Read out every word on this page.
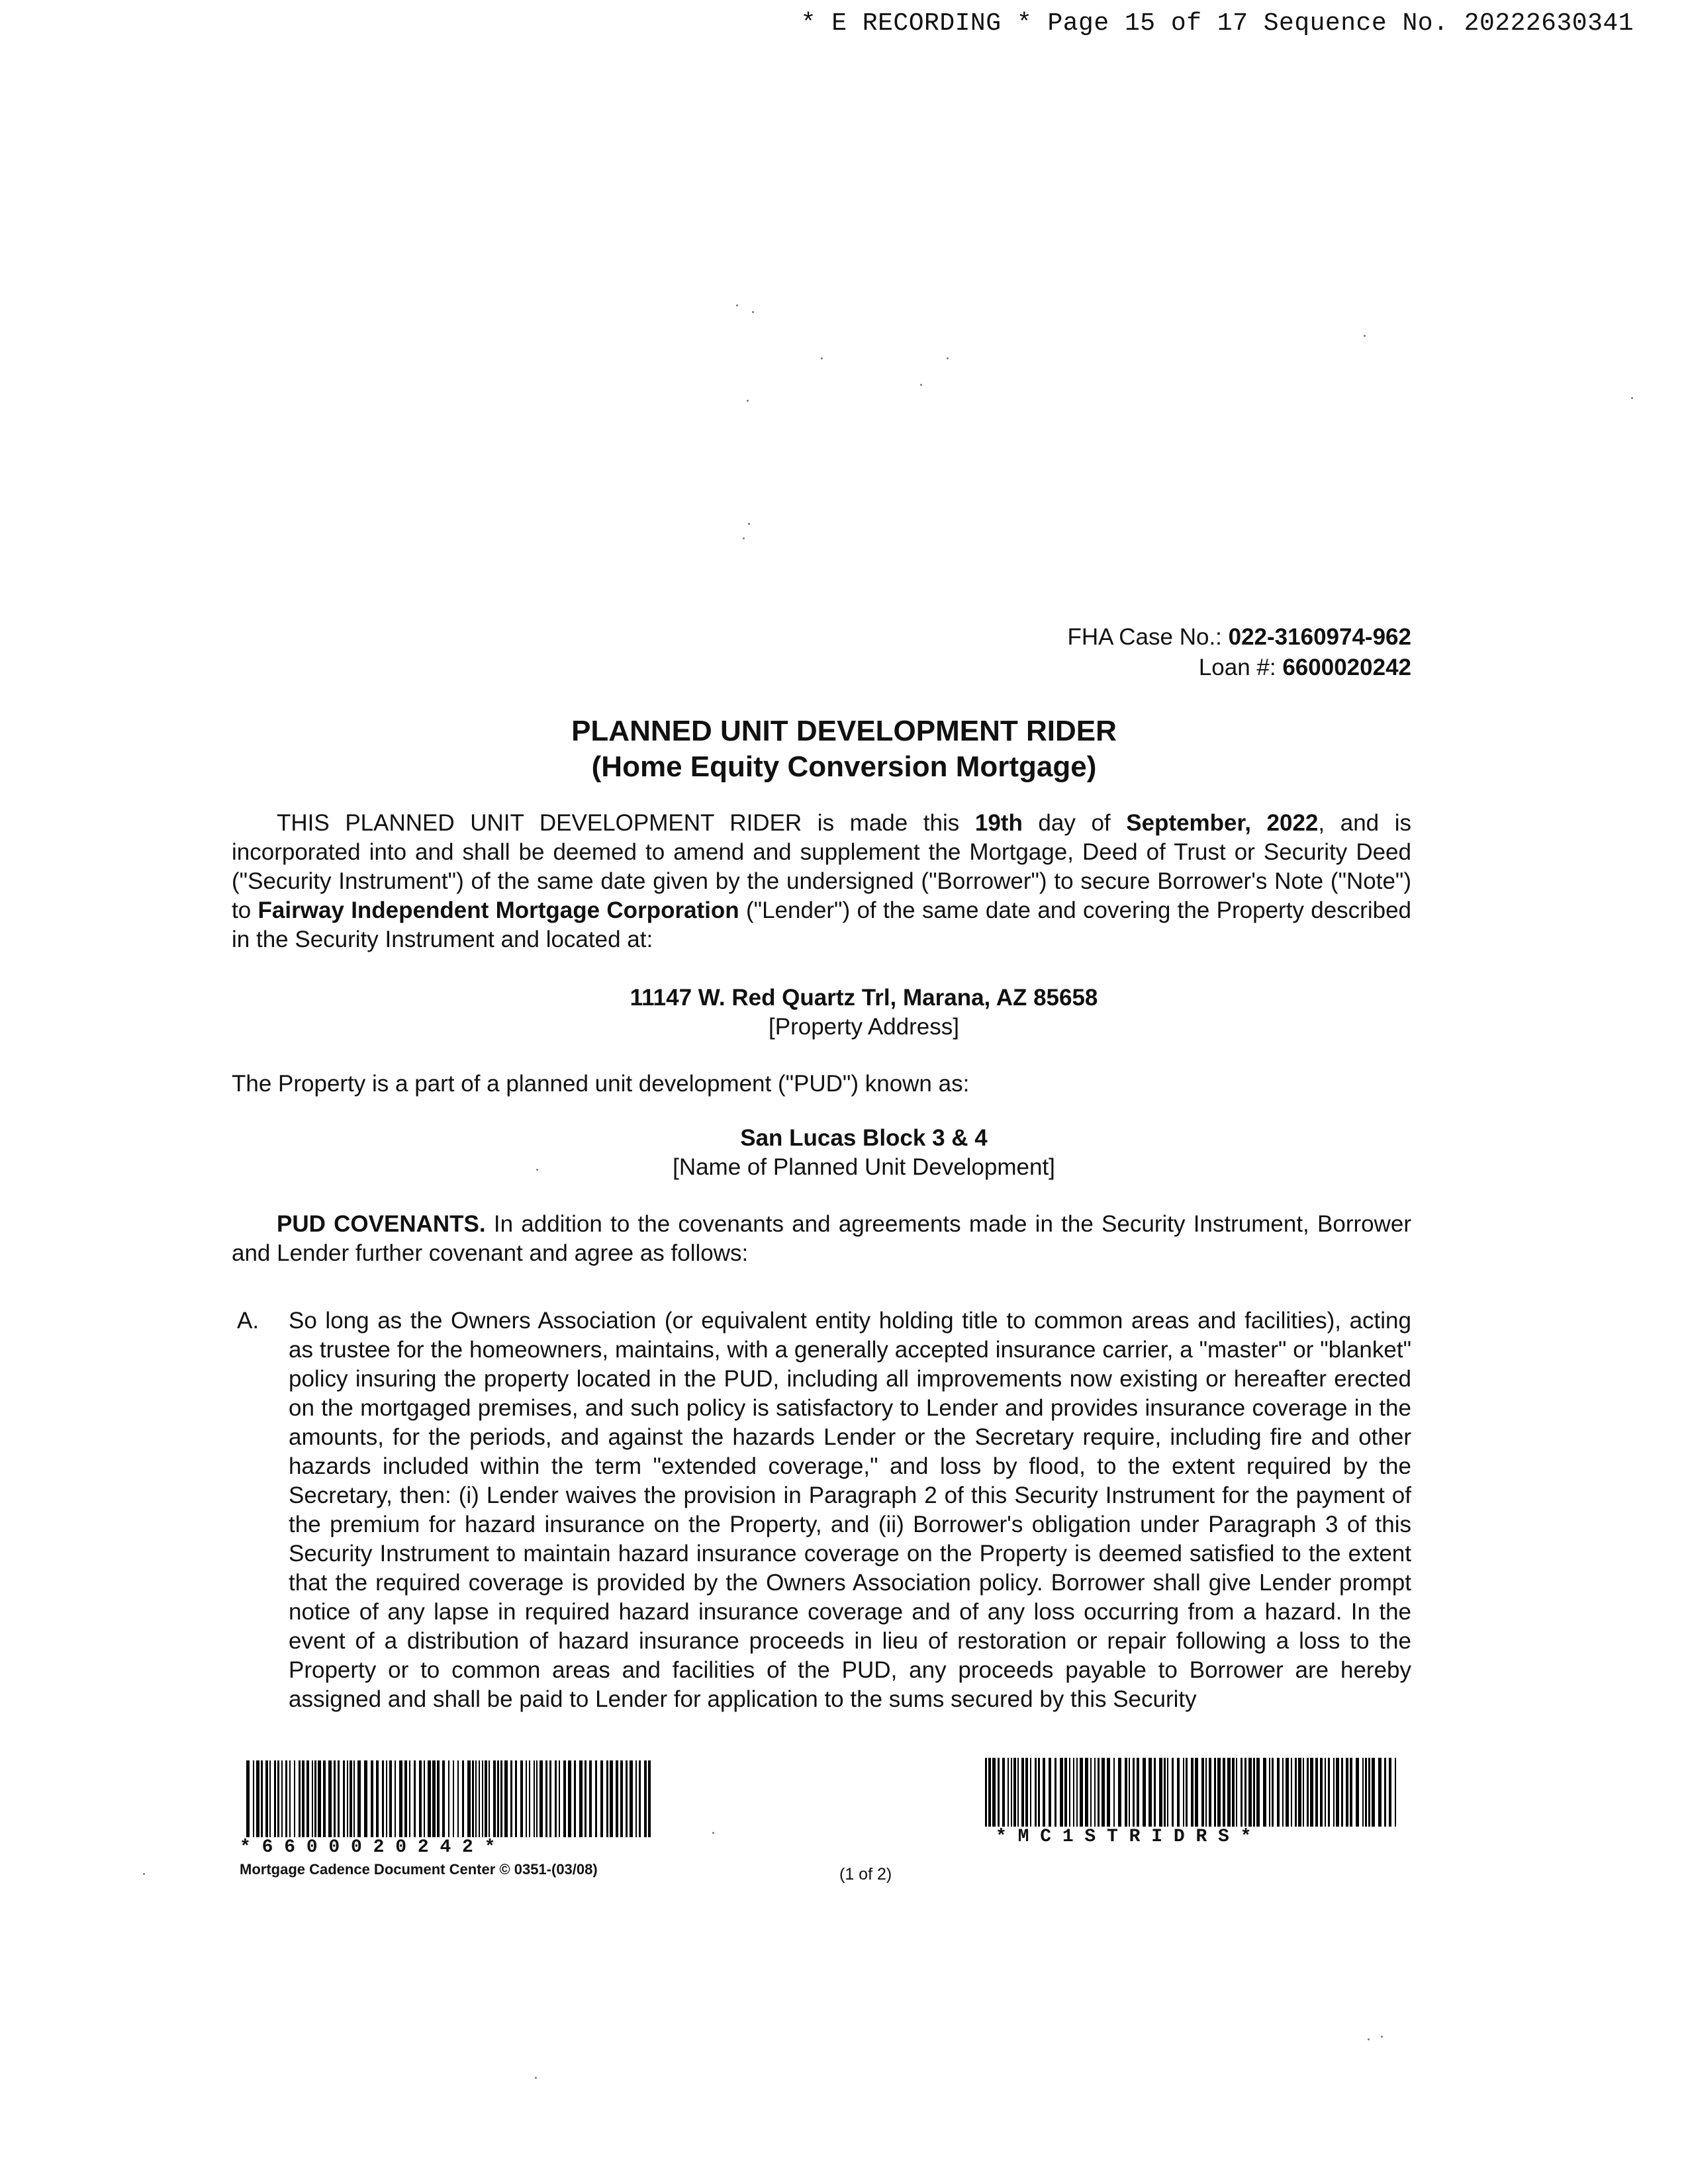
* E RECORDING * Page 15 of 17 Sequence No. 20222630341
FHA Case No.: 022-3160974-962
Loan #: 6600020242
PLANNED UNIT DEVELOPMENT RIDER
(Home Equity Conversion Mortgage)
THIS PLANNED UNIT DEVELOPMENT RIDER is made this 19th day of September, 2022, and is incorporated into and shall be deemed to amend and supplement the Mortgage, Deed of Trust or Security Deed ("Security Instrument") of the same date given by the undersigned ("Borrower") to secure Borrower's Note ("Note") to Fairway Independent Mortgage Corporation ("Lender") of the same date and covering the Property described in the Security Instrument and located at:
11147 W. Red Quartz Trl, Marana, AZ 85658
[Property Address]
The Property is a part of a planned unit development ("PUD") known as:
San Lucas Block 3 & 4
[Name of Planned Unit Development]
PUD COVENANTS. In addition to the covenants and agreements made in the Security Instrument, Borrower and Lender further covenant and agree as follows:
A. So long as the Owners Association (or equivalent entity holding title to common areas and facilities), acting as trustee for the homeowners, maintains, with a generally accepted insurance carrier, a "master" or "blanket" policy insuring the property located in the PUD, including all improvements now existing or hereafter erected on the mortgaged premises, and such policy is satisfactory to Lender and provides insurance coverage in the amounts, for the periods, and against the hazards Lender or the Secretary require, including fire and other hazards included within the term "extended coverage," and loss by flood, to the extent required by the Secretary, then: (i) Lender waives the provision in Paragraph 2 of this Security Instrument for the payment of the premium for hazard insurance on the Property, and (ii) Borrower's obligation under Paragraph 3 of this Security Instrument to maintain hazard insurance coverage on the Property is deemed satisfied to the extent that the required coverage is provided by the Owners Association policy. Borrower shall give Lender prompt notice of any lapse in required hazard insurance coverage and of any loss occurring from a hazard. In the event of a distribution of hazard insurance proceeds in lieu of restoration or repair following a loss to the Property or to common areas and facilities of the PUD, any proceeds payable to Borrower are hereby assigned and shall be paid to Lender for application to the sums secured by this Security
* 6 6 0 0 0 2 0 2 4 2 *
Mortgage Cadence Document Center © 0351-(03/08)	(1 of 2)
* M C 1 S T R I D R S *
